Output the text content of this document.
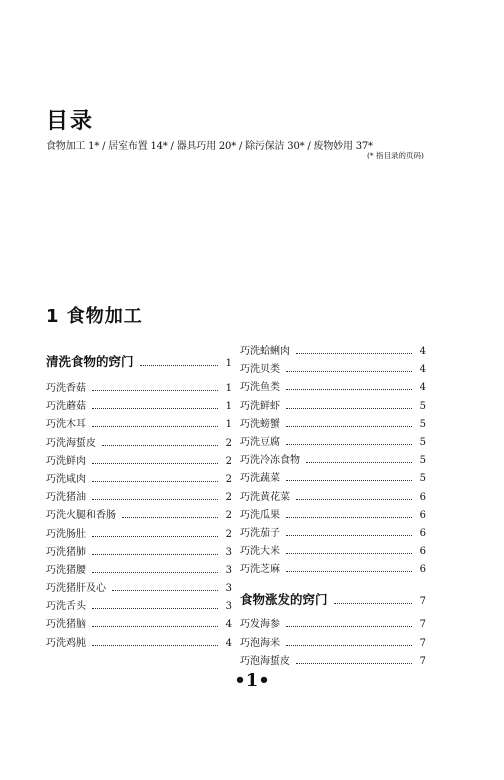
目录
食物加工 1* / 居室布置 14* / 器具巧用 20* / 除污保洁 30* / 废物妙用 37*
(* 指目录的页码)
1 食物加工
清洗食物的窍门	1
巧洗香菇	1
巧洗蘑菇	1
巧洗木耳	1
巧洗海蜇皮	2
巧洗鲜肉	2
巧洗咸肉	2
巧洗猪油	2
巧洗火腿和香肠	2
巧洗肠肚	2
巧洗猪肺	3
巧洗猪腰	3
巧洗猪肝及心	3
巧洗舌头	3
巧洗猪脑	4
巧洗鸡肫	4
巧洗蛤蜊肉	4
巧洗贝类	4
巧洗鱼类	4
巧洗鲜虾	5
巧洗螃蟹	5
巧洗豆腐	5
巧洗冷冻食物	5
巧洗蔬菜	5
巧洗黄花菜	6
巧洗瓜果	6
巧洗茄子	6
巧洗大米	6
巧洗芝麻	6
食物涨发的窍门	7
巧发海参	7
巧泡海米	7
巧泡海蜇皮	7
•1•
